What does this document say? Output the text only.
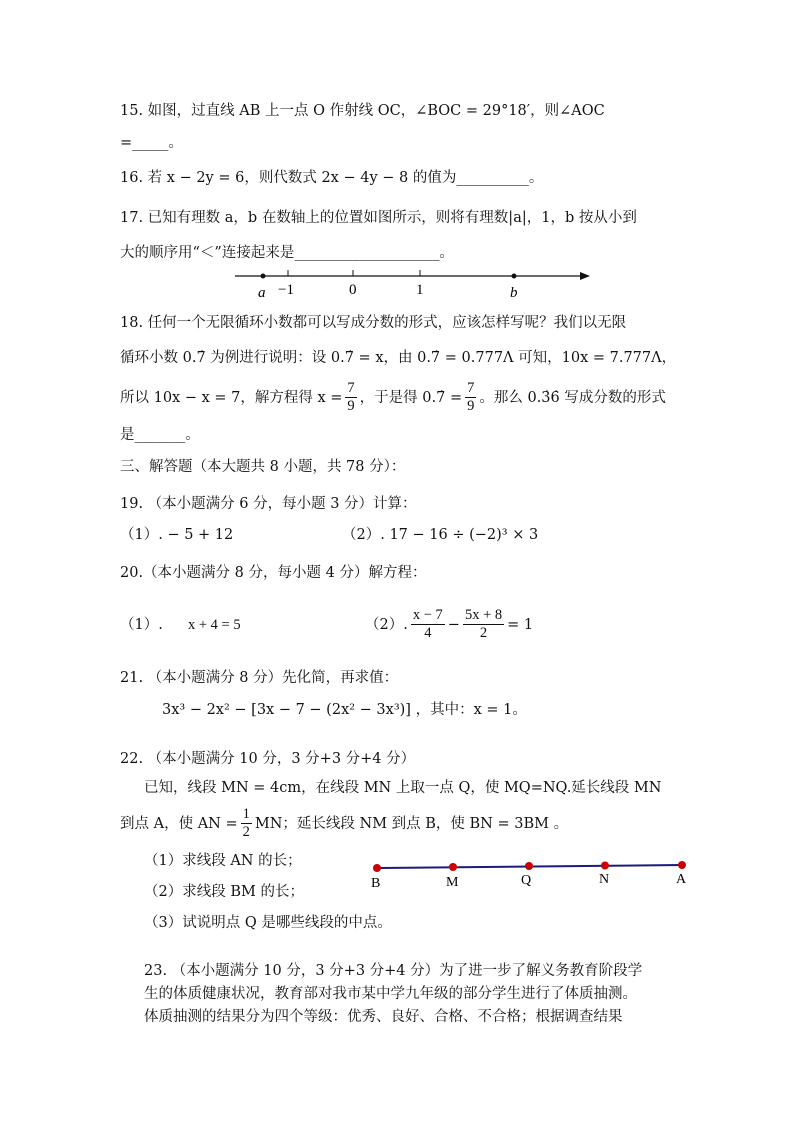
15. 如图，过直线 AB 上一点 O 作射线 OC，∠BOC = 29°18′，则∠AOC
=_____。
16. 若 x − 2y = 6，则代数式 2x − 4y − 8 的值为__________。
17. 已知有理数 a，b 在数轴上的位置如图所示，则将有理数|a|，1，b 按从小到
大的顺序用“＜”连接起来是____________________。
a −1	0	1	b
18. 任何一个无限循环小数都可以写成分数的形式，应该怎样写呢？我们以无限
循环小数 0.7̇ 为例进行说明：设 0.7̇ = x，由 0.7̇ = 0.777Λ 可知，10x = 7.777Λ，
所以 10x − x = 7，解方程得 $x = \frac{7}{9}$ ，于是得 0.7̇ = $\frac{7}{9}$ 。那么 0.3̇6̇ 写成分数的形式
是_______。
三、解答题（本大题共 8 小题，共 78 分）：
19. （本小题满分 6 分，每小题 3 分）计算：
（1）. − 5 + 12	（2）. 17 − 16 ÷ (−2)³ × 3
20.（本小题满分 8 分，每小题 4 分）解方程：
（1）. x + 4 = 5	（2）. $\frac{x - 7}{4} - \frac{5x + 8}{2} = 1$
21. （本小题满分 8 分）先化简，再求值：
3x³ − 2x² − [3x − 7 − (2x² − 3x³)] ，其中：x = 1。
22. （本小题满分 10 分，3 分+3 分+4 分）
已知，线段 MN = 4cm，在线段 MN 上取一点 Q，使 MQ=NQ.延长线段 MN
到点 A，使 AN = $\frac{1}{2}$ MN；延长线段 NM 到点 B，使 BN = 3BM 。
（1）求线段 AN 的长；
（2）求线段 BM 的长；
（3）试说明点 Q 是哪些线段的中点。
B	M	Q	N	A
23. （本小题满分 10 分，3 分+3 分+4 分）为了进一步了解义务教育阶段学
生的体质健康状况，教育部对我市某中学九年级的部分学生进行了体质抽测。
体质抽测的结果分为四个等级：优秀、良好、合格、不合格；根据调查结果
